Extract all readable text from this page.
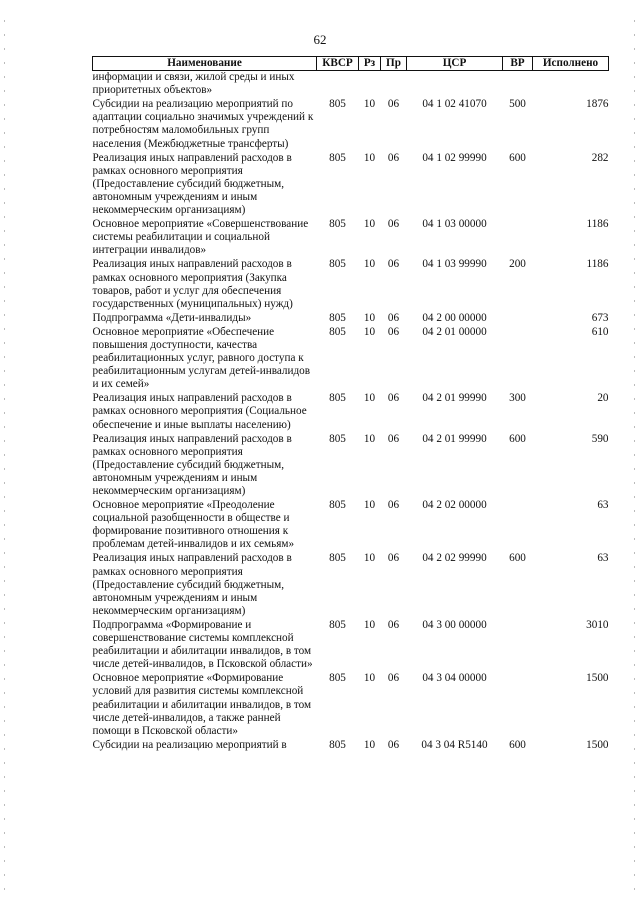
62
Наименование	КВСР	Рз	Пр	ЦСР	ВР	Исполнено
информации и связи, жилой среды и иных приоритетных объектов»						
Субсидии на реализацию мероприятий по адаптации социально значимых учреждений к потребностям маломобильных групп населения (Межбюджетные трансферты)	805	10	06	04 1 02 41070	500	1876
Реализация иных направлений расходов в рамках основного мероприятия (Предоставление субсидий бюджетным, автономным учреждениям и иным некоммерческим организациям)	805	10	06	04 1 02 99990	600	282
Основное мероприятие «Совершенствование системы реабилитации и социальной интеграции инвалидов»	805	10	06	04 1 03 00000		1186
Реализация иных направлений расходов в рамках основного мероприятия (Закупка товаров, работ и услуг для обеспечения государственных (муниципальных) нужд)	805	10	06	04 1 03 99990	200	1186
Подпрограмма «Дети-инвалиды»	805	10	06	04 2 00 00000		673
Основное мероприятие «Обеспечение повышения доступности, качества реабилитационных услуг, равного доступа к реабилитационным услугам детей-инвалидов и их семей»	805	10	06	04 2 01 00000		610
Реализация иных направлений расходов в рамках основного мероприятия (Социальное обеспечение и иные выплаты населению)	805	10	06	04 2 01 99990	300	20
Реализация иных направлений расходов в рамках основного мероприятия (Предоставление субсидий бюджетным, автономным учреждениям и иным некоммерческим организациям)	805	10	06	04 2 01 99990	600	590
Основное мероприятие «Преодоление социальной разобщенности в обществе и формирование позитивного отношения к проблемам детей-инвалидов и их семьям»	805	10	06	04 2 02 00000		63
Реализация иных направлений расходов в рамках основного мероприятия (Предоставление субсидий бюджетным, автономным учреждениям и иным некоммерческим организациям)	805	10	06	04 2 02 99990	600	63
Подпрограмма «Формирование и совершенствование системы комплексной реабилитации и абилитации инвалидов, в том числе детей-инвалидов, в Псковской области»	805	10	06	04 3 00 00000		3010
Основное мероприятие «Формирование условий для развития системы комплексной реабилитации и абилитации инвалидов, в том числе детей-инвалидов, а также ранней помощи в Псковской области»	805	10	06	04 3 04 00000		1500
Субсидии на реализацию мероприятий в	805	10	06	04 3 04 R5140	600	1500
